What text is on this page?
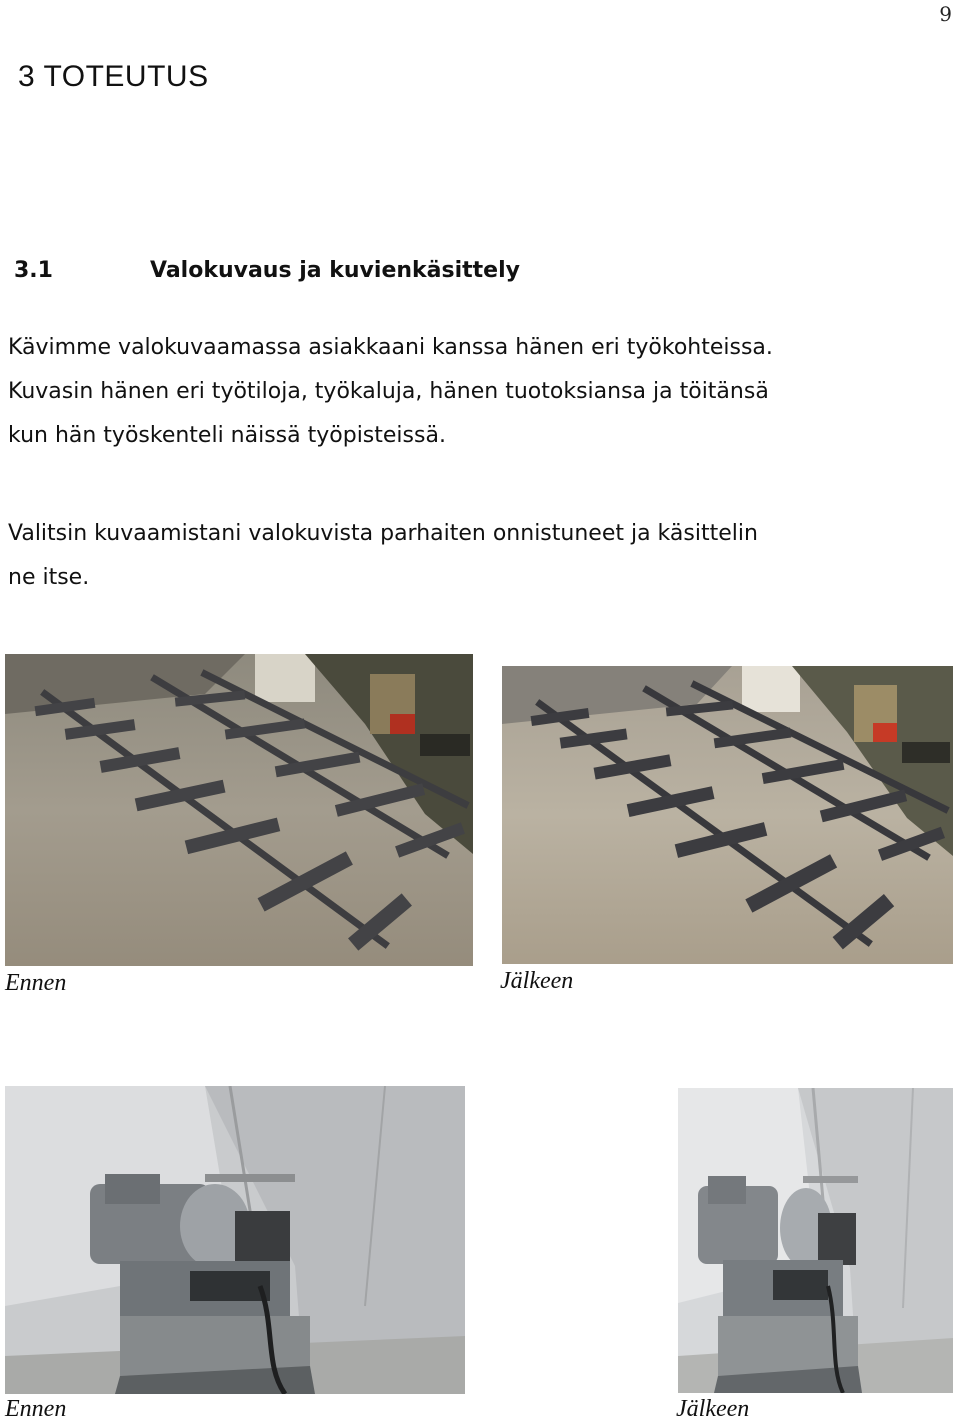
9
3 TOTEUTUS
3.1	Valokuvaus ja kuvienkäsittely
Kävimme valokuvaamassa asiakkaani kanssa hänen eri työkohteissa.
Kuvasin hänen eri työtiloja, työkaluja, hänen tuotoksiansa ja töitänsä
kun hän työskenteli näissä työpisteissä.
Valitsin kuvaamistani valokuvista parhaiten onnistuneet ja käsittelin
ne itse.
Ennen	Jälkeen
Ennen	Jälkeen
